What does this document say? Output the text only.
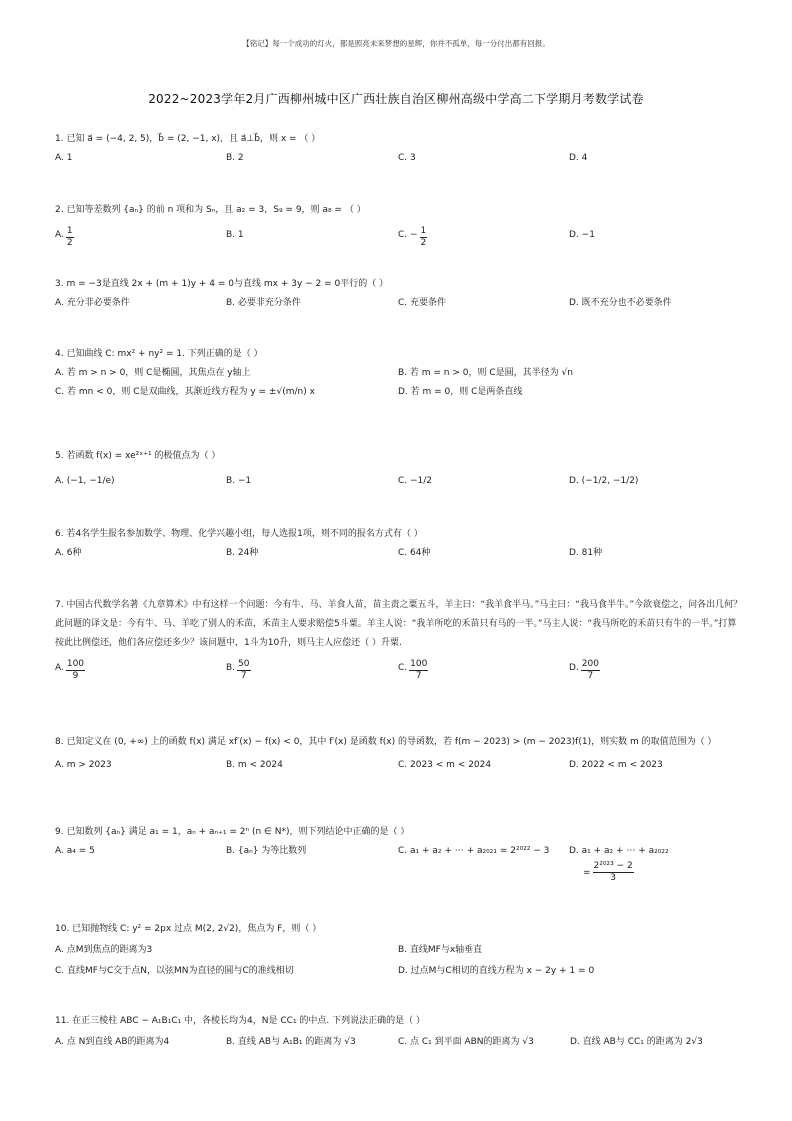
【铭记】每一个成功的灯火，都是照亮未来梦想的星辉，你并不孤单，每一分付出都有回报。
2022~2023学年2月广西柳州城中区广西壮族自治区柳州高级中学高二下学期月考数学试卷
1. 已知 a⃗ = (−4, 2, 5)，b⃗ = (2, −1, x)，且 a⃗⊥b⃗，则 x = （ ）
A. 1	B. 2	C. 3	D. 4
2. 已知等差数列 {aₙ} 的前 n 项和为 Sₙ，且 a₂ = 3，S₉ = 9，则 a₈ = （ ）
A. $\frac{1}{2}$	B. 1	C. − $\frac{1}{2}$	D. −1
3. m = −3是直线 2x + (m + 1)y + 4 = 0与直线 mx + 3y − 2 = 0平行的（ ）
A. 充分非必要条件	B. 必要非充分条件	C. 充要条件	D. 既不充分也不必要条件
4. 已知曲线 C: mx² + ny² = 1. 下列正确的是（ ）
A. 若 m > n > 0，则 C是椭圆，其焦点在 y轴上	B. 若 m = n > 0，则 C是圆，其半径为 √n
C. 若 mn < 0，则 C是双曲线，其渐近线方程为 y = ±√(m/n) x	D. 若 m = 0，则 C是两条直线
5. 若函数 f(x) = xe²ˣ⁺¹ 的极值点为（ ）
A. (−1, −1/e)	B. −1	C. −1/2	D. (−1/2, −1/2)
6. 若4名学生报名参加数学、物理、化学兴趣小组，每人选报1项，则不同的报名方式有（ ）
A. 6种	B. 24种	C. 64种	D. 81种
7. 中国古代数学名著《九章算术》中有这样一个问题：今有牛、马、羊食人苗，苗主责之粟五斗，羊主曰：“我羊食半马。”马主曰：“我马食半牛。”今欲衰偿之，问各出几何？此问题的译文是：今有牛、马、羊吃了别人的禾苗，禾苗主人要求赔偿5斗粟。羊主人说：“我羊所吃的禾苗只有马的一半。”马主人说：“我马所吃的禾苗只有牛的一半。”打算按此比例偿还，他们各应偿还多少？该问题中，1斗为10升，则马主人应偿还（ ）升粟.
A. $\frac{100}{9}$	B. $\frac{50}{7}$	C. $\frac{100}{7}$	D. $\frac{200}{7}$
8. 已知定义在 (0, +∞) 上的函数 f(x) 满足 xf′(x) − f(x) < 0，其中 f′(x) 是函数 f(x) 的导函数，若 f(m − 2023) > (m − 2023)f(1)，则实数 m 的取值范围为（ ）
A. m > 2023	B. m < 2024	C. 2023 < m < 2024	D. 2022 < m < 2023
9. 已知数列 {aₙ} 满足 a₁ = 1，aₙ + aₙ₊₁ = 2ⁿ (n ∈ N*)，则下列结论中正确的是（ ）
A. a₄ = 5	B. {aₙ} 为等比数列	C. a₁ + a₂ + ⋯ + a₂₀₂₁ = 2²⁰²² − 3 D. a₁ + a₂ + ⋯ + a₂₀₂₂
= $\frac{\text{2²⁰²³ − 2}}{3}$
10. 已知抛物线 C: y² = 2px 过点 M(2, 2√2)，焦点为 F，则（ ）
A. 点M到焦点的距离为3	B. 直线MF与x轴垂直
C. 直线MF与C交于点N，以弦MN为直径的圆与C的准线相切	D. 过点M与C相切的直线方程为 x − 2y + 1 = 0
11. 在正三棱柱 ABC − A₁B₁C₁ 中，各棱长均为4，N是 CC₁ 的中点. 下列说法正确的是（ ）
A. 点 N到直线 AB的距离为4	B. 直线 AB与 A₁B₁ 的距离为 √3	C. 点 C₁ 到平面 ABN的距离为 √3	D. 直线 AB与 CC₁ 的距离为 2√3
